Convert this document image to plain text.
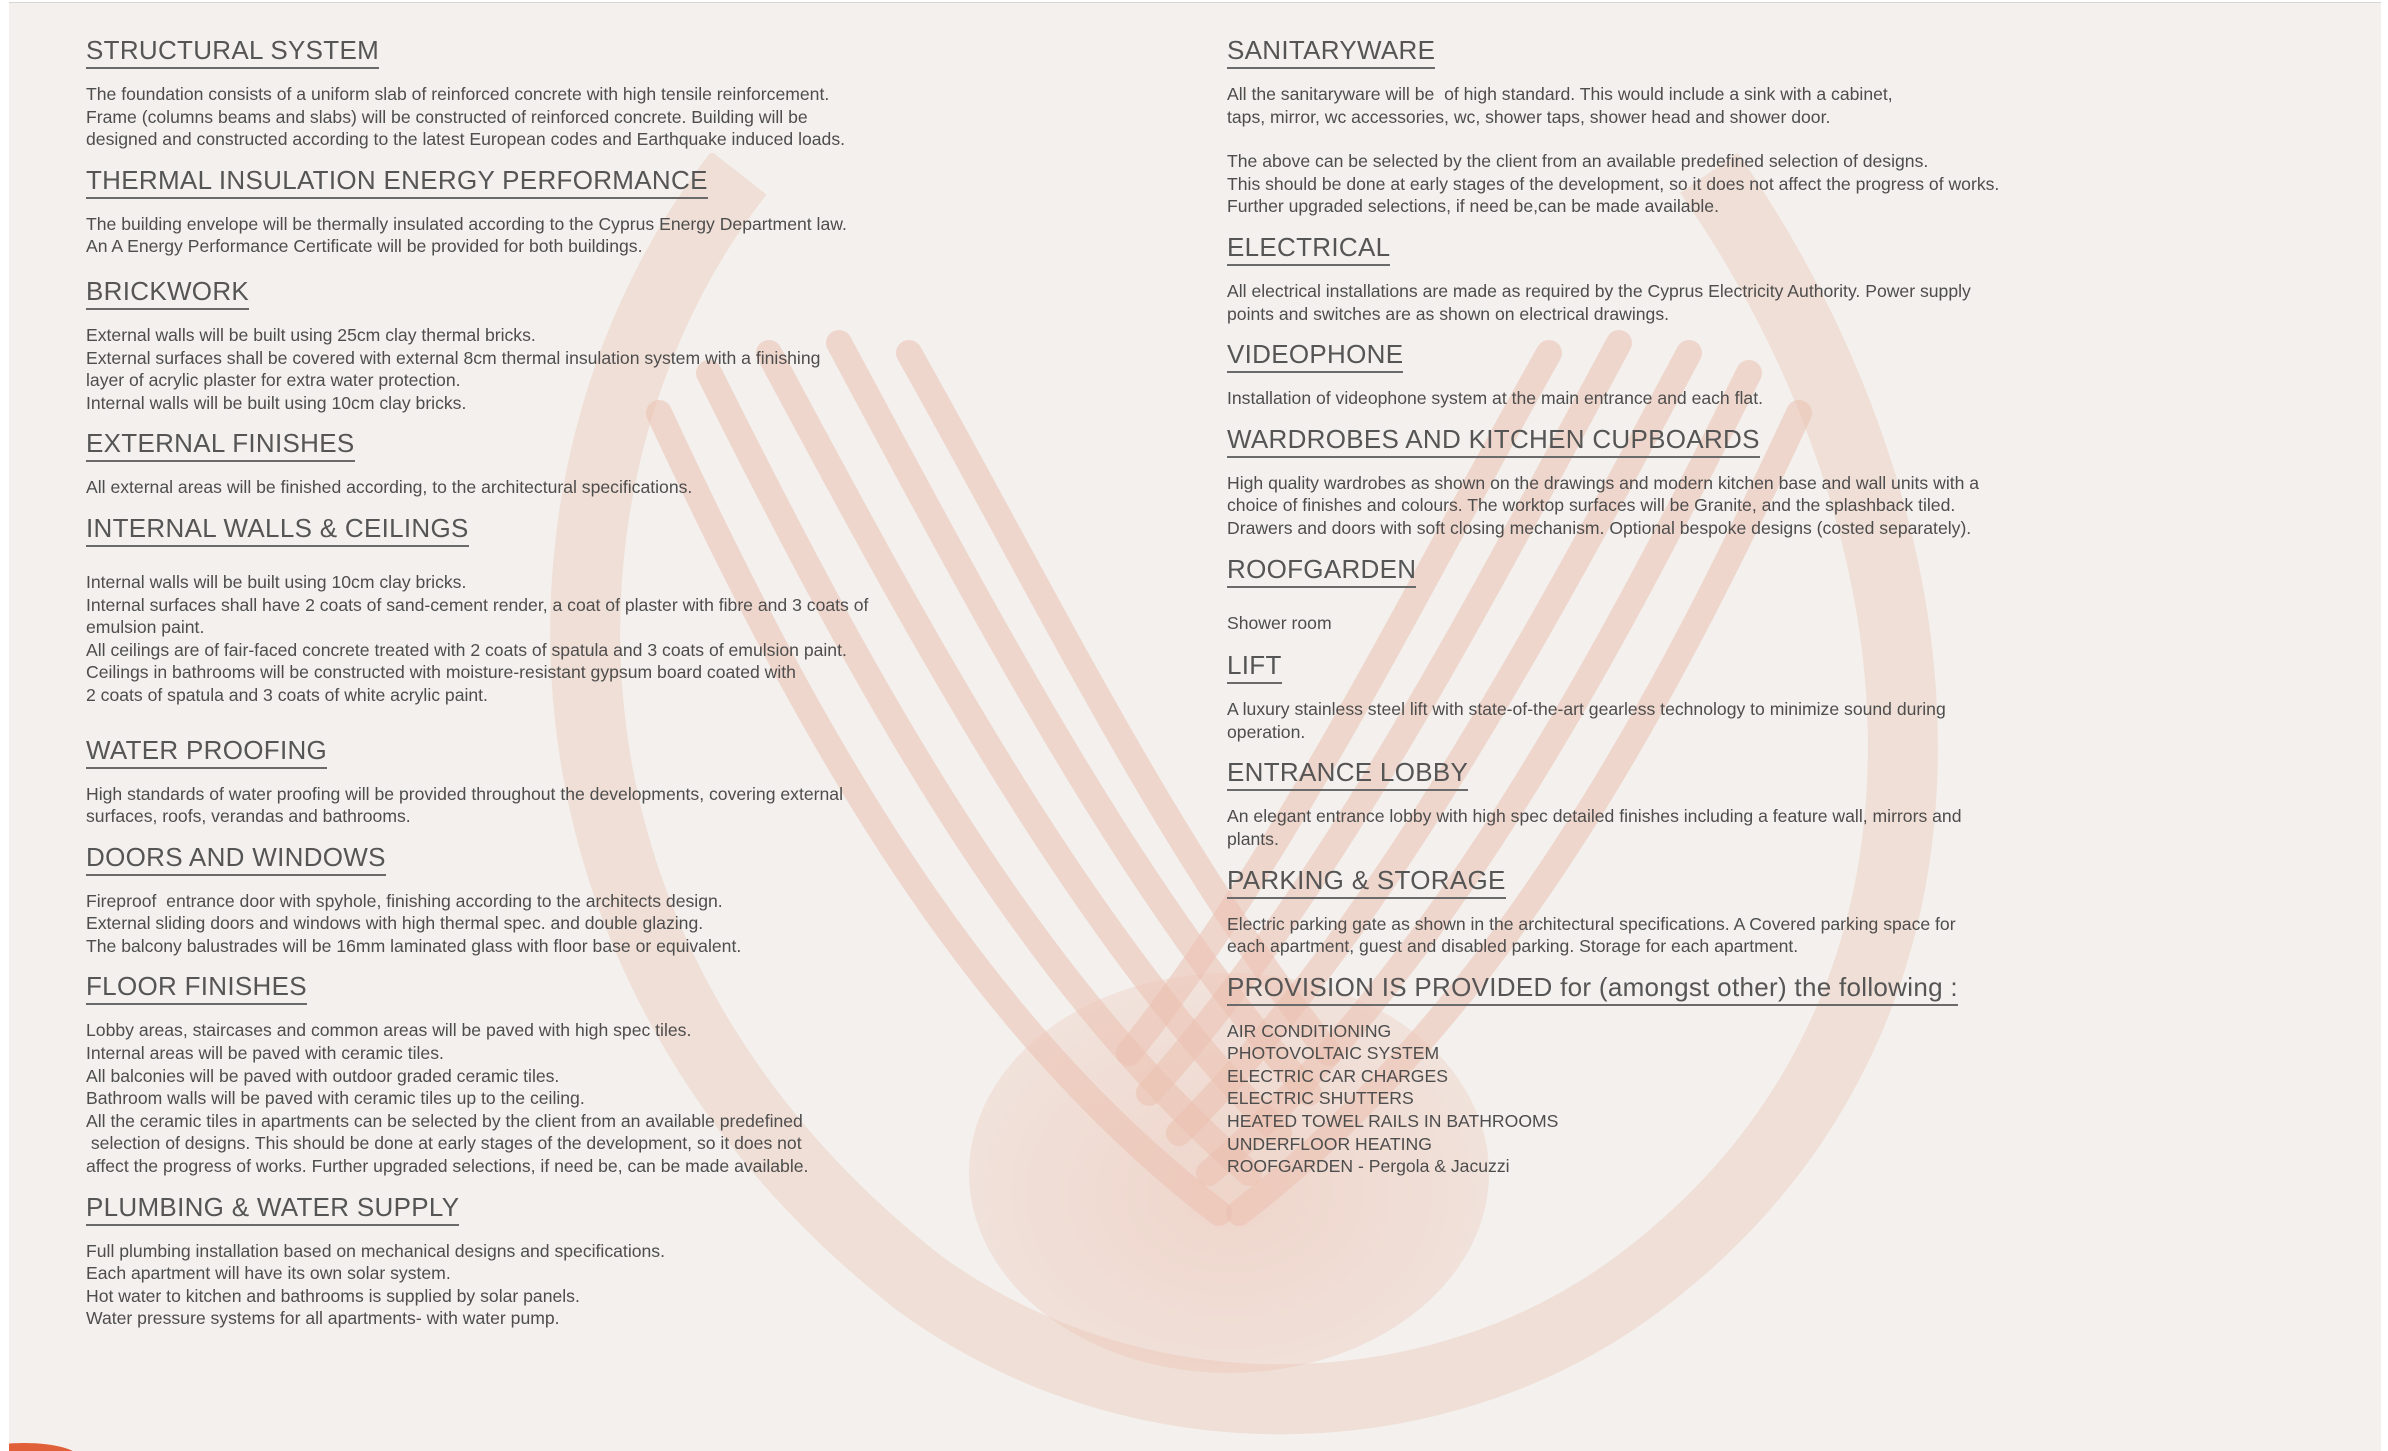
STRUCTURAL SYSTEM
The foundation consists of a uniform slab of reinforced concrete with high tensile reinforcement.
Frame (columns beams and slabs) will be constructed of reinforced concrete. Building will be
designed and constructed according to the latest European codes and Earthquake induced loads.
THERMAL INSULATION ENERGY PERFORMANCE
The building envelope will be thermally insulated according to the Cyprus Energy Department law.
An A Energy Performance Certificate will be provided for both buildings.
BRICKWORK
External walls will be built using 25cm clay thermal bricks.
External surfaces shall be covered with external 8cm thermal insulation system with a finishing
layer of acrylic plaster for extra water protection.
Internal walls will be built using 10cm clay bricks.
EXTERNAL FINISHES
All external areas will be finished according, to the architectural specifications.
INTERNAL WALLS & CEILINGS
Internal walls will be built using 10cm clay bricks.
Internal surfaces shall have 2 coats of sand-cement render, a coat of plaster with fibre and 3 coats of
emulsion paint.
All ceilings are of fair-faced concrete treated with 2 coats of spatula and 3 coats of emulsion paint.
Ceilings in bathrooms will be constructed with moisture-resistant gypsum board coated with
2 coats of spatula and 3 coats of white acrylic paint.
WATER PROOFING
High standards of water proofing will be provided throughout the developments, covering external
surfaces, roofs, verandas and bathrooms.
DOORS AND WINDOWS
Fireproof  entrance door with spyhole, finishing according to the architects design.
External sliding doors and windows with high thermal spec. and double glazing.
The balcony balustrades will be 16mm laminated glass with floor base or equivalent.
FLOOR FINISHES
Lobby areas, staircases and common areas will be paved with high spec tiles.
Internal areas will be paved with ceramic tiles.
All balconies will be paved with outdoor graded ceramic tiles.
Bathroom walls will be paved with ceramic tiles up to the ceiling.
All the ceramic tiles in apartments can be selected by the client from an available predefined
selection of designs. This should be done at early stages of the development, so it does not
affect the progress of works. Further upgraded selections, if need be, can be made available.
PLUMBING & WATER SUPPLY
Full plumbing installation based on mechanical designs and specifications.
Each apartment will have its own solar system.
Hot water to kitchen and bathrooms is supplied by solar panels.
Water pressure systems for all apartments- with water pump.
SANITARYWARE
All the sanitaryware will be  of high standard. This would include a sink with a cabinet,
taps, mirror, wc accessories, wc, shower taps, shower head and shower door.
The above can be selected by the client from an available predefined selection of designs.
This should be done at early stages of the development, so it does not affect the progress of works.
Further upgraded selections, if need be,can be made available.
ELECTRICAL
All electrical installations are made as required by the Cyprus Electricity Authority. Power supply
points and switches are as shown on electrical drawings.
VIDEOPHONE
Installation of videophone system at the main entrance and each flat.
WARDROBES AND KITCHEN CUPBOARDS
High quality wardrobes as shown on the drawings and modern kitchen base and wall units with a
choice of finishes and colours. The worktop surfaces will be Granite, and the splashback tiled.
Drawers and doors with soft closing mechanism. Optional bespoke designs (costed separately).
ROOFGARDEN
Shower room
LIFT
A luxury stainless steel lift with state-of-the-art gearless technology to minimize sound during
operation.
ENTRANCE LOBBY
An elegant entrance lobby with high spec detailed finishes including a feature wall, mirrors and
plants.
PARKING & STORAGE
Electric parking gate as shown in the architectural specifications. A Covered parking space for
each apartment, guest and disabled parking. Storage for each apartment.
PROVISION IS PROVIDED for (amongst other) the following :
AIR CONDITIONING
PHOTOVOLTAIC SYSTEM
ELECTRIC CAR CHARGES
ELECTRIC SHUTTERS
HEATED TOWEL RAILS IN BATHROOMS
UNDERFLOOR HEATING
ROOFGARDEN - Pergola & Jacuzzi
